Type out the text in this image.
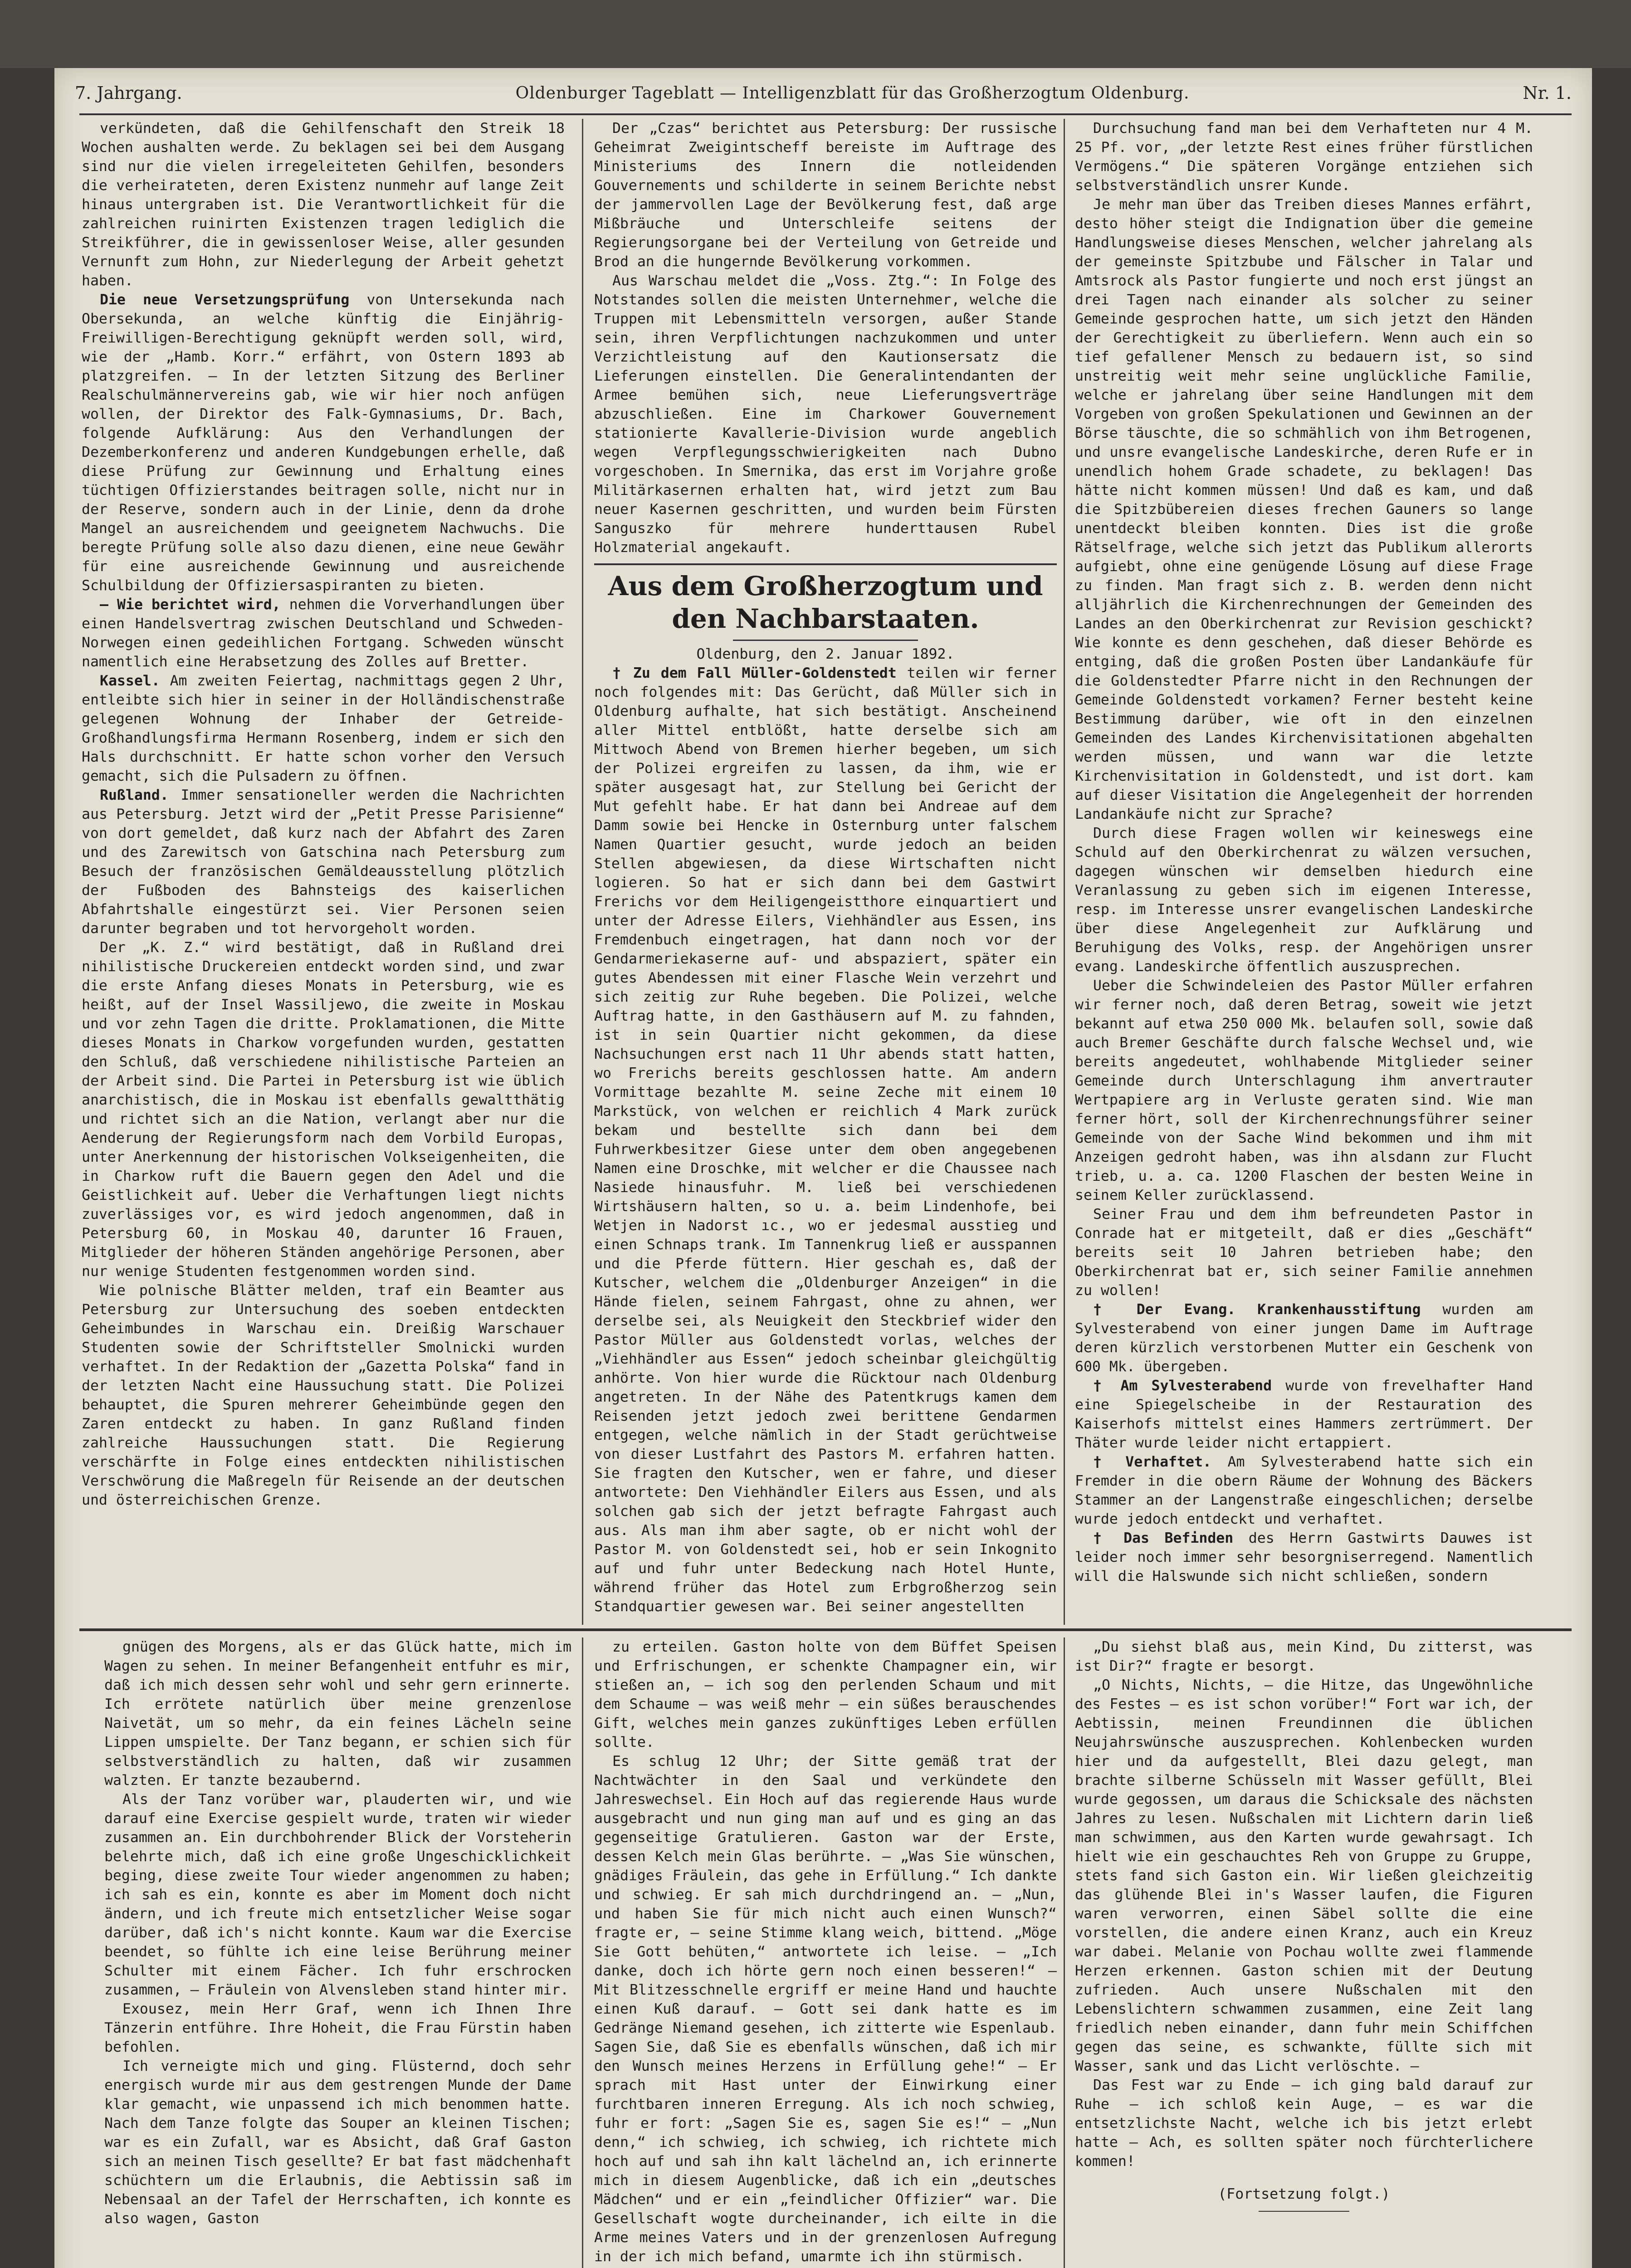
7. Jahrgang.	Oldenburger Tageblatt — Intelligenzblatt für das Großherzogtum Oldenburg.	Nr. 1.

verkündeten, daß die Gehilfenschaft den Streik 18 Wochen aushalten werde. Zu beklagen sei bei dem Ausgang sind nur die vielen irregeleiteten Gehilfen, besonders die verheirateten, deren Existenz nunmehr auf lange Zeit hinaus untergraben ist. Die Verantwortlichkeit für die zahlreichen ruinirten Existenzen tragen lediglich die Streikführer, die in gewissenloser Weise, aller gesunden Vernunft zum Hohn, zur Niederlegung der Arbeit gehetzt haben.

Die neue Versetzungsprüfung von Untersekunda nach Obersekunda, an welche künftig die Einjährig-Freiwilligen-Berechtigung geknüpft werden soll, wird, wie der „Hamb. Korr.“ erfährt, von Ostern 1893 ab platzgreifen. — In der letzten Sitzung des Berliner Realschulmännervereins gab, wie wir hier noch anfügen wollen, der Direktor des Falk-Gymnasiums, Dr. Bach, folgende Aufklärung: Aus den Verhandlungen der Dezemberkonferenz und anderen Kundgebungen erhelle, daß diese Prüfung zur Gewinnung und Erhaltung eines tüchtigen Offizierstandes beitragen solle, nicht nur in der Reserve, sondern auch in der Linie, denn da drohe Mangel an ausreichendem und geeignetem Nachwuchs. Die beregte Prüfung solle also dazu dienen, eine neue Gewähr für eine ausreichende Gewinnung und ausreichende Schulbildung der Offiziersaspiranten zu bieten.

— Wie berichtet wird, nehmen die Vorverhandlungen über einen Handelsvertrag zwischen Deutschland und Schweden-Norwegen einen gedeihlichen Fortgang. Schweden wünscht namentlich eine Herabsetzung des Zolles auf Bretter.

Kassel. Am zweiten Feiertag, nachmittags gegen 2 Uhr, entleibte sich hier in seiner in der Holländischenstraße gelegenen Wohnung der Inhaber der Getreide-Großhandlungsfirma Hermann Rosenberg, indem er sich den Hals durchschnitt. Er hatte schon vorher den Versuch gemacht, sich die Pulsadern zu öffnen.

Rußland. Immer sensationeller werden die Nachrichten aus Petersburg. Jetzt wird der „Petit Presse Parisienne“ von dort gemeldet, daß kurz nach der Abfahrt des Zaren und des Zarewitsch von Gatschina nach Petersburg zum Besuch der französischen Gemäldeausstellung plötzlich der Fußboden des Bahnsteigs des kaiserlichen Abfahrtshalle eingestürzt sei. Vier Personen seien darunter begraben und tot hervorgeholt worden.

Der „K. Z.“ wird bestätigt, daß in Rußland drei nihilistische Druckereien entdeckt worden sind, und zwar die erste Anfang dieses Monats in Petersburg, wie es heißt, auf der Insel Wassiljewo, die zweite in Moskau und vor zehn Tagen die dritte. Proklamationen, die Mitte dieses Monats in Charkow vorgefunden wurden, gestatten den Schluß, daß verschiedene nihilistische Parteien an der Arbeit sind. Die Partei in Petersburg ist wie üblich anarchistisch, die in Moskau ist ebenfalls gewaltthätig und richtet sich an die Nation, verlangt aber nur die Aenderung der Regierungsform nach dem Vorbild Europas, unter Anerkennung der historischen Volkseigenheiten, die in Charkow ruft die Bauern gegen den Adel und die Geistlichkeit auf. Ueber die Verhaftungen liegt nichts zuverlässiges vor, es wird jedoch angenommen, daß in Petersburg 60, in Moskau 40, darunter 16 Frauen, Mitglieder der höheren Ständen angehörige Personen, aber nur wenige Studenten festgenommen worden sind.

Wie polnische Blätter melden, traf ein Beamter aus Petersburg zur Untersuchung des soeben entdeckten Geheimbundes in Warschau ein. Dreißig Warschauer Studenten sowie der Schriftsteller Smolnicki wurden verhaftet. In der Redaktion der „Gazetta Polska“ fand in der letzten Nacht eine Haussuchung statt. Die Polizei behauptet, die Spuren mehrerer Geheimbünde gegen den Zaren entdeckt zu haben. In ganz Rußland finden zahlreiche Haussuchungen statt. Die Regierung verschärfte in Folge eines entdeckten nihilistischen Verschwörung die Maßregeln für Reisende an der deutschen und österreichischen Grenze.

Der „Czas“ berichtet aus Petersburg: Der russische Geheimrat Zweigintscheff bereiste im Auftrage des Ministeriums des Innern die notleidenden Gouvernements und schilderte in seinem Berichte nebst der jammervollen Lage der Bevölkerung fest, daß arge Mißbräuche und Unterschleife seitens der Regierungsorgane bei der Verteilung von Getreide und Brod an die hungernde Bevölkerung vorkommen.

Aus Warschau meldet die „Voss. Ztg.“: In Folge des Notstandes sollen die meisten Unternehmer, welche die Truppen mit Lebensmitteln versorgen, außer Stande sein, ihren Verpflichtungen nachzukommen und unter Verzichtleistung auf den Kautionsersatz die Lieferungen einstellen. Die Generalintendanten der Armee bemühen sich, neue Lieferungsverträge abzuschließen. Eine im Charkower Gouvernement stationierte Kavallerie-Division wurde angeblich wegen Verpflegungsschwierigkeiten nach Dubno vorgeschoben. In Smernika, das erst im Vorjahre große Militärkasernen erhalten hat, wird jetzt zum Bau neuer Kasernen geschritten, und wurden beim Fürsten Sanguszko für mehrere hunderttausen Rubel Holzmaterial angekauft.

Aus dem Großherzogtum und den Nachbarstaaten.

Oldenburg, den 2. Januar 1892.

† Zu dem Fall Müller-Goldenstedt teilen wir ferner noch folgendes mit: Das Gerücht, daß Müller sich in Oldenburg aufhalte, hat sich bestätigt. Anscheinend aller Mittel entblößt, hatte derselbe sich am Mittwoch Abend von Bremen hierher begeben, um sich der Polizei ergreifen zu lassen, da ihm, wie er später ausgesagt hat, zur Stellung bei Gericht der Mut gefehlt habe. Er hat dann bei Andreae auf dem Damm sowie bei Hencke in Osternburg unter falschem Namen Quartier gesucht, wurde jedoch an beiden Stellen abgewiesen, da diese Wirtschaften nicht logieren. So hat er sich dann bei dem Gastwirt Frerichs vor dem Heiligengeistthore einquartiert und unter der Adresse Eilers, Viehhändler aus Essen, ins Fremdenbuch eingetragen, hat dann noch vor der Gendarmeriekaserne auf- und abspaziert, später ein gutes Abendessen mit einer Flasche Wein verzehrt und sich zeitig zur Ruhe begeben. Die Polizei, welche Auftrag hatte, in den Gasthäusern auf M. zu fahnden, ist in sein Quartier nicht gekommen, da diese Nachsuchungen erst nach 11 Uhr abends statt hatten, wo Frerichs bereits geschlossen hatte. Am andern Vormittage bezahlte M. seine Zeche mit einem 10 Markstück, von welchen er reichlich 4 Mark zurück bekam und bestellte sich dann bei dem Fuhrwerkbesitzer Giese unter dem oben angegebenen Namen eine Droschke, mit welcher er die Chaussee nach Nasiede hinausfuhr. M. ließ bei verschiedenen Wirtshäusern halten, so u. a. beim Lindenhofe, bei Wetjen in Nadorst ıc., wo er jedesmal ausstieg und einen Schnaps trank. Im Tannenkrug ließ er ausspannen und die Pferde füttern. Hier geschah es, daß der Kutscher, welchem die „Oldenburger Anzeigen“ in die Hände fielen, seinem Fahrgast, ohne zu ahnen, wer derselbe sei, als Neuigkeit den Steckbrief wider den Pastor Müller aus Goldenstedt vorlas, welches der „Viehhändler aus Essen“ jedoch scheinbar gleichgültig anhörte. Von hier wurde die Rücktour nach Oldenburg angetreten. In der Nähe des Patentkrugs kamen dem Reisenden jetzt jedoch zwei berittene Gendarmen entgegen, welche nämlich in der Stadt gerüchtweise von dieser Lustfahrt des Pastors M. erfahren hatten. Sie fragten den Kutscher, wen er fahre, und dieser antwortete: Den Viehhändler Eilers aus Essen, und als solchen gab sich der jetzt befragte Fahrgast auch aus. Als man ihm aber sagte, ob er nicht wohl der Pastor M. von Goldenstedt sei, hob er sein Inkognito auf und fuhr unter Bedeckung nach Hotel Hunte, während früher das Hotel zum Erbgroßherzog sein Standquartier gewesen war. Bei seiner angestellten

Durchsuchung fand man bei dem Verhafteten nur 4 M. 25 Pf. vor, „der letzte Rest eines früher fürstlichen Vermögens.“ Die späteren Vorgänge entziehen sich selbstverständlich unsrer Kunde.

Je mehr man über das Treiben dieses Mannes erfährt, desto höher steigt die Indignation über die gemeine Handlungsweise dieses Menschen, welcher jahrelang als der gemeinste Spitzbube und Fälscher in Talar und Amtsrock als Pastor fungierte und noch erst jüngst an drei Tagen nach einander als solcher zu seiner Gemeinde gesprochen hatte, um sich jetzt den Händen der Gerechtigkeit zu überliefern. Wenn auch ein so tief gefallener Mensch zu bedauern ist, so sind unstreitig weit mehr seine unglückliche Familie, welche er jahrelang über seine Handlungen mit dem Vorgeben von großen Spekulationen und Gewinnen an der Börse täuschte, die so schmählich von ihm Betrogenen, und unsre evangelische Landeskirche, deren Rufe er in unendlich hohem Grade schadete, zu beklagen! Das hätte nicht kommen müssen! Und daß es kam, und daß die Spitzbübereien dieses frechen Gauners so lange unentdeckt bleiben konnten. Dies ist die große Rätselfrage, welche sich jetzt das Publikum allerorts aufgiebt, ohne eine genügende Lösung auf diese Frage zu finden. Man fragt sich z. B. werden denn nicht alljährlich die Kirchenrechnungen der Gemeinden des Landes an den Oberkirchenrat zur Revision geschickt? Wie konnte es denn geschehen, daß dieser Behörde es entging, daß die großen Posten über Landankäufe für die Goldenstedter Pfarre nicht in den Rechnungen der Gemeinde Goldenstedt vorkamen? Ferner besteht keine Bestimmung darüber, wie oft in den einzelnen Gemeinden des Landes Kirchenvisitationen abgehalten werden müssen, und wann war die letzte Kirchenvisitation in Goldenstedt, und ist dort. kam auf dieser Visitation die Angelegenheit der horrenden Landankäufe nicht zur Sprache?

Durch diese Fragen wollen wir keineswegs eine Schuld auf den Oberkirchenrat zu wälzen versuchen, dagegen wünschen wir demselben hiedurch eine Veranlassung zu geben sich im eigenen Interesse, resp. im Interesse unsrer evangelischen Landeskirche über diese Angelegenheit zur Aufklärung und Beruhigung des Volks, resp. der Angehörigen unsrer evang. Landeskirche öffentlich auszusprechen.

Ueber die Schwindeleien des Pastor Müller erfahren wir ferner noch, daß deren Betrag, soweit wie jetzt bekannt auf etwa 250 000 Mk. belaufen soll, sowie daß auch Bremer Geschäfte durch falsche Wechsel und, wie bereits angedeutet, wohlhabende Mitglieder seiner Gemeinde durch Unterschlagung ihm anvertrauter Wertpapiere arg in Verluste geraten sind. Wie man ferner hört, soll der Kirchenrechnungsführer seiner Gemeinde von der Sache Wind bekommen und ihm mit Anzeigen gedroht haben, was ihn alsdann zur Flucht trieb, u. a. ca. 1200 Flaschen der besten Weine in seinem Keller zurücklassend.

Seiner Frau und dem ihm befreundeten Pastor in Conrade hat er mitgeteilt, daß er dies „Geschäft“ bereits seit 10 Jahren betrieben habe; den Oberkirchenrat bat er, sich seiner Familie annehmen zu wollen!

† Der Evang. Krankenhausstiftung wurden am Sylvesterabend von einer jungen Dame im Auftrage deren kürzlich verstorbenen Mutter ein Geschenk von 600 Mk. übergeben.

† Am Sylvesterabend wurde von frevelhafter Hand eine Spiegelscheibe in der Restauration des Kaiserhofs mittelst eines Hammers zertrümmert. Der Thäter wurde leider nicht ertappiert.

† Verhaftet. Am Sylvesterabend hatte sich ein Fremder in die obern Räume der Wohnung des Bäckers Stammer an der Langenstraße eingeschlichen; derselbe wurde jedoch entdeckt und verhaftet.

† Das Befinden des Herrn Gastwirts Dauwes ist leider noch immer sehr besorgniserregend. Namentlich will die Halswunde sich nicht schließen, sondern

gnügen des Morgens, als er das Glück hatte, mich im Wagen zu sehen. In meiner Befangenheit entfuhr es mir, daß ich mich dessen sehr wohl und sehr gern erinnerte. Ich errötete natürlich über meine grenzenlose Naivetät, um so mehr, da ein feines Lächeln seine Lippen umspielte. Der Tanz begann, er schien sich für selbstverständlich zu halten, daß wir zusammen walzten. Er tanzte bezaubernd.

Als der Tanz vorüber war, plauderten wir, und wie darauf eine Exercise gespielt wurde, traten wir wieder zusammen an. Ein durchbohrender Blick der Vorsteherin belehrte mich, daß ich eine große Ungeschicklichkeit beging, diese zweite Tour wieder angenommen zu haben; ich sah es ein, konnte es aber im Moment doch nicht ändern, und ich freute mich entsetzlicher Weise sogar darüber, daß ich's nicht konnte. Kaum war die Exercise beendet, so fühlte ich eine leise Berührung meiner Schulter mit einem Fächer. Ich fuhr erschrocken zusammen, — Fräulein von Alvensleben stand hinter mir.

Exousez, mein Herr Graf, wenn ich Ihnen Ihre Tänzerin entführe. Ihre Hoheit, die Frau Fürstin haben befohlen.

Ich verneigte mich und ging. Flüsternd, doch sehr energisch wurde mir aus dem gestrengen Munde der Dame klar gemacht, wie unpassend ich mich benommen hatte. Nach dem Tanze folgte das Souper an kleinen Tischen; war es ein Zufall, war es Absicht, daß Graf Gaston sich an meinen Tisch gesellte? Er bat fast mädchenhaft schüchtern um die Erlaubnis, die Aebtissin saß im Nebensaal an der Tafel der Herrschaften, ich konnte es also wagen, Gaston

zu erteilen. Gaston holte von dem Büffet Speisen und Erfrischungen, er schenkte Champagner ein, wir stießen an, — ich sog den perlenden Schaum und mit dem Schaume — was weiß mehr — ein süßes berauschendes Gift, welches mein ganzes zukünftiges Leben erfüllen sollte.

Es schlug 12 Uhr; der Sitte gemäß trat der Nachtwächter in den Saal und verkündete den Jahreswechsel. Ein Hoch auf das regierende Haus wurde ausgebracht und nun ging man auf und es ging an das gegenseitige Gratulieren. Gaston war der Erste, dessen Kelch mein Glas berührte. — „Was Sie wünschen, gnädiges Fräulein, das gehe in Erfüllung.“ Ich dankte und schwieg. Er sah mich durchdringend an. — „Nun, und haben Sie für mich nicht auch einen Wunsch?“ fragte er, — seine Stimme klang weich, bittend. „Möge Sie Gott behüten,“ antwortete ich leise. — „Ich danke, doch ich hörte gern noch einen besseren!“ — Mit Blitzesschnelle ergriff er meine Hand und hauchte einen Kuß darauf. — Gott sei dank hatte es im Gedränge Niemand gesehen, ich zitterte wie Espenlaub. Sagen Sie, daß Sie es ebenfalls wünschen, daß ich mir den Wunsch meines Herzens in Erfüllung gehe!“ — Er sprach mit Hast unter der Einwirkung einer furchtbaren inneren Erregung. Als ich noch schwieg, fuhr er fort: „Sagen Sie es, sagen Sie es!“ — „Nun denn,“ ich schwieg, ich schwieg, ich richtete mich hoch auf und sah ihn kalt lächelnd an, ich erinnerte mich in diesem Augenblicke, daß ich ein „deutsches Mädchen“ und er ein „feindlicher Offizier“ war. Die Gesellschaft wogte durcheinander, ich eilte in die Arme meines Vaters und in der grenzenlosen Aufregung in der ich mich befand, umarmte ich ihn stürmisch.

„Du siehst blaß aus, mein Kind, Du zitterst, was ist Dir?“ fragte er besorgt.

„O Nichts, Nichts, — die Hitze, das Ungewöhnliche des Festes — es ist schon vorüber!“ Fort war ich, der Aebtissin, meinen Freundinnen die üblichen Neujahrswünsche auszusprechen. Kohlenbecken wurden hier und da aufgestellt, Blei dazu gelegt, man brachte silberne Schüsseln mit Wasser gefüllt, Blei wurde gegossen, um daraus die Schicksale des nächsten Jahres zu lesen. Nußschalen mit Lichtern darin ließ man schwimmen, aus den Karten wurde gewahrsagt. Ich hielt wie ein geschauchtes Reh von Gruppe zu Gruppe, stets fand sich Gaston ein. Wir ließen gleichzeitig das glühende Blei in's Wasser laufen, die Figuren waren verworren, einen Säbel sollte die eine vorstellen, die andere einen Kranz, auch ein Kreuz war dabei. Melanie von Pochau wollte zwei flammende Herzen erkennen. Gaston schien mit der Deutung zufrieden. Auch unsere Nußschalen mit den Lebenslichtern schwammen zusammen, eine Zeit lang friedlich neben einander, dann fuhr mein Schiffchen gegen das seine, es schwankte, füllte sich mit Wasser, sank und das Licht verlöschte. —

Das Fest war zu Ende — ich ging bald darauf zur Ruhe — ich schloß kein Auge, — es war die entsetzlichste Nacht, welche ich bis jetzt erlebt hatte — Ach, es sollten später noch fürchterlichere kommen!

(Fortsetzung folgt.)
